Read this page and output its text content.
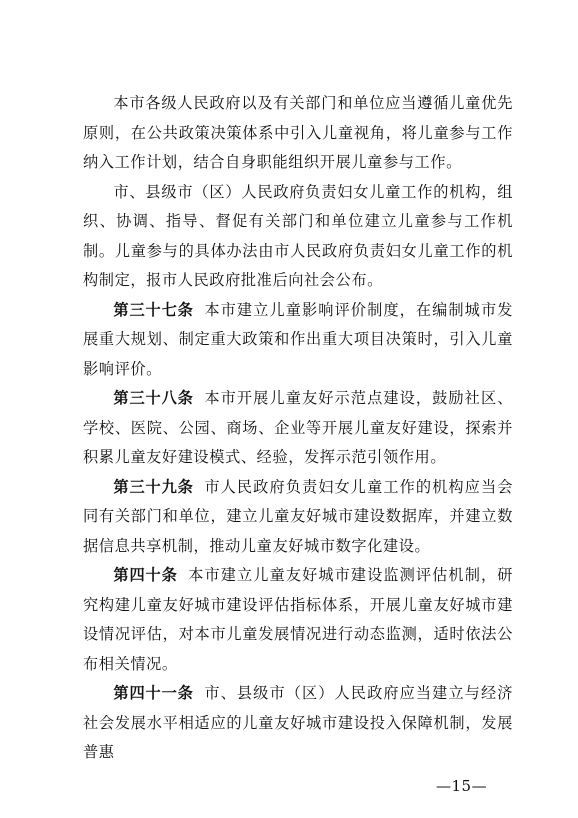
本市各级人民政府以及有关部门和单位应当遵循儿童优先原则，在公共政策决策体系中引入儿童视角，将儿童参与工作纳入工作计划，结合自身职能组织开展儿童参与工作。

市、县级市（区）人民政府负责妇女儿童工作的机构，组织、协调、指导、督促有关部门和单位建立儿童参与工作机制。儿童参与的具体办法由市人民政府负责妇女儿童工作的机构制定，报市人民政府批准后向社会公布。

第三十七条 本市建立儿童影响评价制度，在编制城市发展重大规划、制定重大政策和作出重大项目决策时，引入儿童影响评价。

第三十八条 本市开展儿童友好示范点建设，鼓励社区、学校、医院、公园、商场、企业等开展儿童友好建设，探索并积累儿童友好建设模式、经验，发挥示范引领作用。

第三十九条 市人民政府负责妇女儿童工作的机构应当会同有关部门和单位，建立儿童友好城市建设数据库，并建立数据信息共享机制，推动儿童友好城市数字化建设。

第四十条 本市建立儿童友好城市建设监测评估机制，研究构建儿童友好城市建设评估指标体系，开展儿童友好城市建设情况评估，对本市儿童发展情况进行动态监测，适时依法公布相关情况。

第四十一条 市、县级市（区）人民政府应当建立与经济社会发展水平相适应的儿童友好城市建设投入保障机制，发展普惠

—15—
